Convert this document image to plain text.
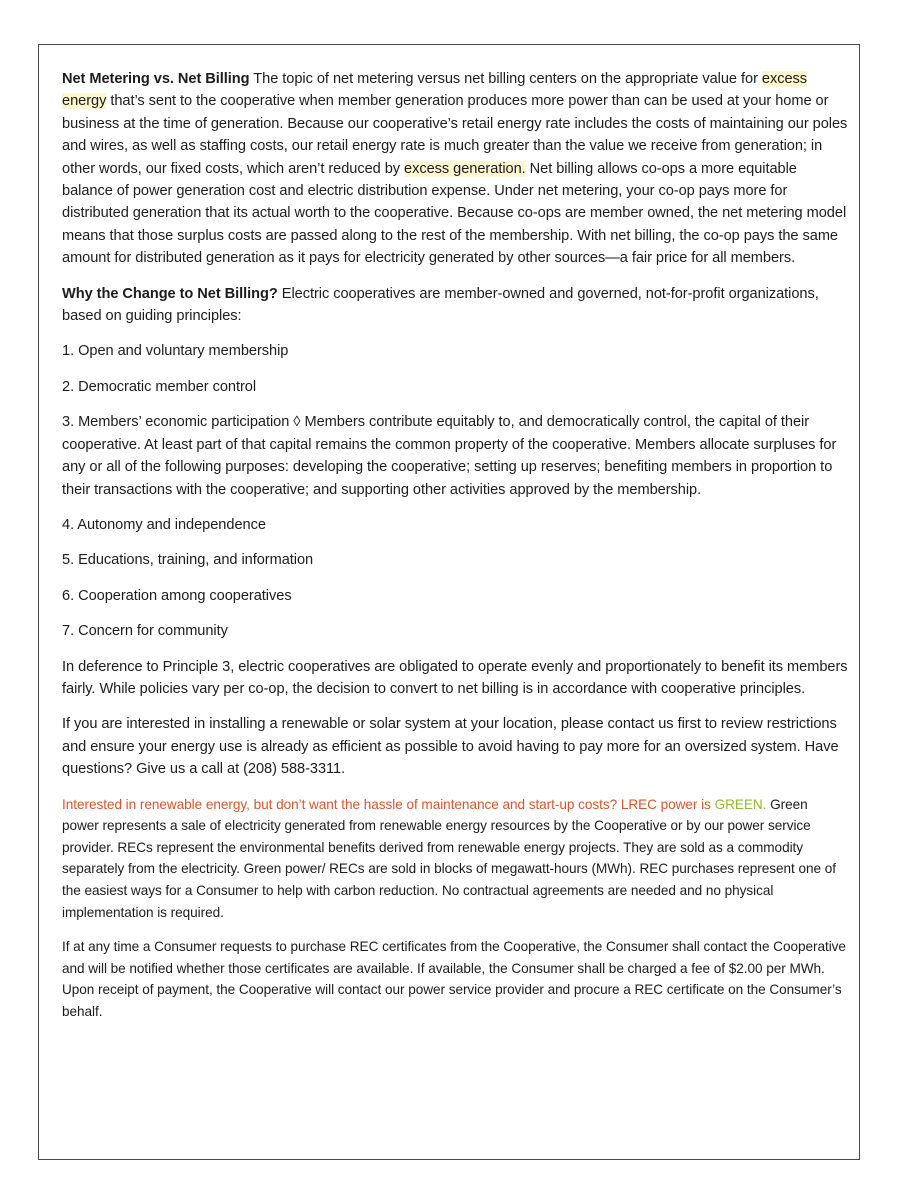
Net Metering vs. Net Billing The topic of net metering versus net billing centers on the appropriate value for excess energy that’s sent to the cooperative when member generation produces more power than can be used at your home or business at the time of generation. Because our cooperative’s retail energy rate includes the costs of maintaining our poles and wires, as well as staffing costs, our retail energy rate is much greater than the value we receive from generation; in other words, our fixed costs, which aren’t reduced by excess generation. Net billing allows co-ops a more equitable balance of power generation cost and electric distribution expense. Under net metering, your co-op pays more for distributed generation that its actual worth to the cooperative. Because co-ops are member owned, the net metering model means that those surplus costs are passed along to the rest of the membership. With net billing, the co-op pays the same amount for distributed generation as it pays for electricity generated by other sources—a fair price for all members.

Why the Change to Net Billing? Electric cooperatives are member-owned and governed, not-for-profit organizations, based on guiding principles:

1. Open and voluntary membership

2. Democratic member control

3. Members’ economic participation ◊ Members contribute equitably to, and democratically control, the capital of their cooperative. At least part of that capital remains the common property of the cooperative. Members allocate surpluses for any or all of the following purposes: developing the cooperative; setting up reserves; benefiting members in proportion to their transactions with the cooperative; and supporting other activities approved by the membership.

4. Autonomy and independence

5. Educations, training, and information

6. Cooperation among cooperatives

7. Concern for community

In deference to Principle 3, electric cooperatives are obligated to operate evenly and proportionately to benefit its members fairly. While policies vary per co-op, the decision to convert to net billing is in accordance with cooperative principles.

If you are interested in installing a renewable or solar system at your location, please contact us first to review restrictions and ensure your energy use is already as efficient as possible to avoid having to pay more for an oversized system. Have questions? Give us a call at (208) 588-3311.

Interested in renewable energy, but don’t want the hassle of maintenance and start-up costs? LREC power is GREEN. Green power represents a sale of electricity generated from renewable energy resources by the Cooperative or by our power service provider. RECs represent the environmental benefits derived from renewable energy projects. They are sold as a commodity separately from the electricity. Green power/ RECs are sold in blocks of megawatt-hours (MWh). REC purchases represent one of the easiest ways for a Consumer to help with carbon reduction. No contractual agreements are needed and no physical implementation is required.

If at any time a Consumer requests to purchase REC certificates from the Cooperative, the Consumer shall contact the Cooperative and will be notified whether those certificates are available. If available, the Consumer shall be charged a fee of $2.00 per MWh. Upon receipt of payment, the Cooperative will contact our power service provider and procure a REC certificate on the Consumer’s behalf.
